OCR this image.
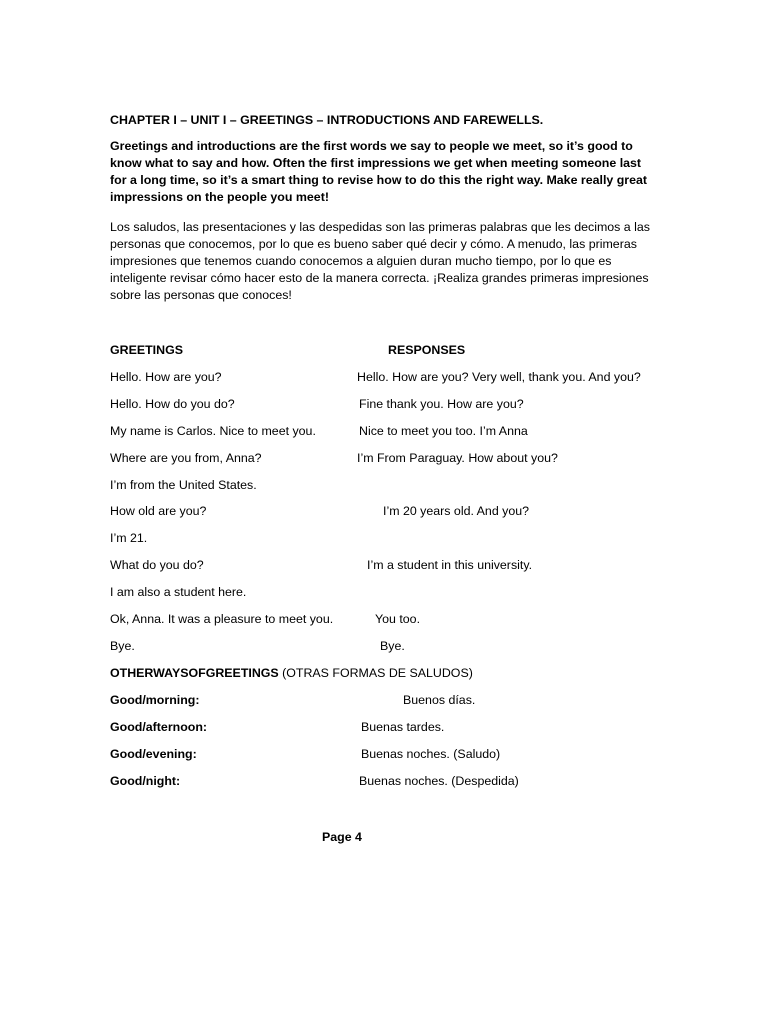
CHAPTER I – UNIT I – GREETINGS – INTRODUCTIONS AND FAREWELLS.
Greetings and introductions are the first words we say to people we meet, so it’s good to know what to say and how. Often the first impressions we get when meeting someone last for a long time, so it’s a smart thing to revise how to do this the right way. Make really great impressions on the people you meet!
Los saludos, las presentaciones y las despedidas son las primeras palabras que les decimos a las personas que conocemos, por lo que es bueno saber qué decir y cómo. A menudo, las primeras impresiones que tenemos cuando conocemos a alguien duran mucho tiempo, por lo que es inteligente revisar cómo hacer esto de la manera correcta. ¡Realiza grandes primeras impresiones sobre las personas que conoces!
GREETINGS	RESPONSES
Hello. How are you?	Hello. How are you? Very well, thank you. And you?
Hello. How do you do?	Fine thank you. How are you?
My name is Carlos. Nice to meet you.	Nice to meet you too. I’m Anna
Where are you from, Anna?	I’m From Paraguay. How about you?
I’m from the United States.
How old are you?	I’m 20 years old. And you?
I’m 21.
What do you do?	I’m a student in this university.
I am also a student here.
Ok, Anna. It was a pleasure to meet you.	You too.
Bye.	Bye.
OTHERWAYSOFGREETINGS (OTRAS FORMAS DE SALUDOS)
Good/morning:	Buenos días.
Good/afternoon:	Buenas tardes.
Good/evening:	Buenas noches. (Saludo)
Good/night:	Buenas noches. (Despedida)
Page 4
